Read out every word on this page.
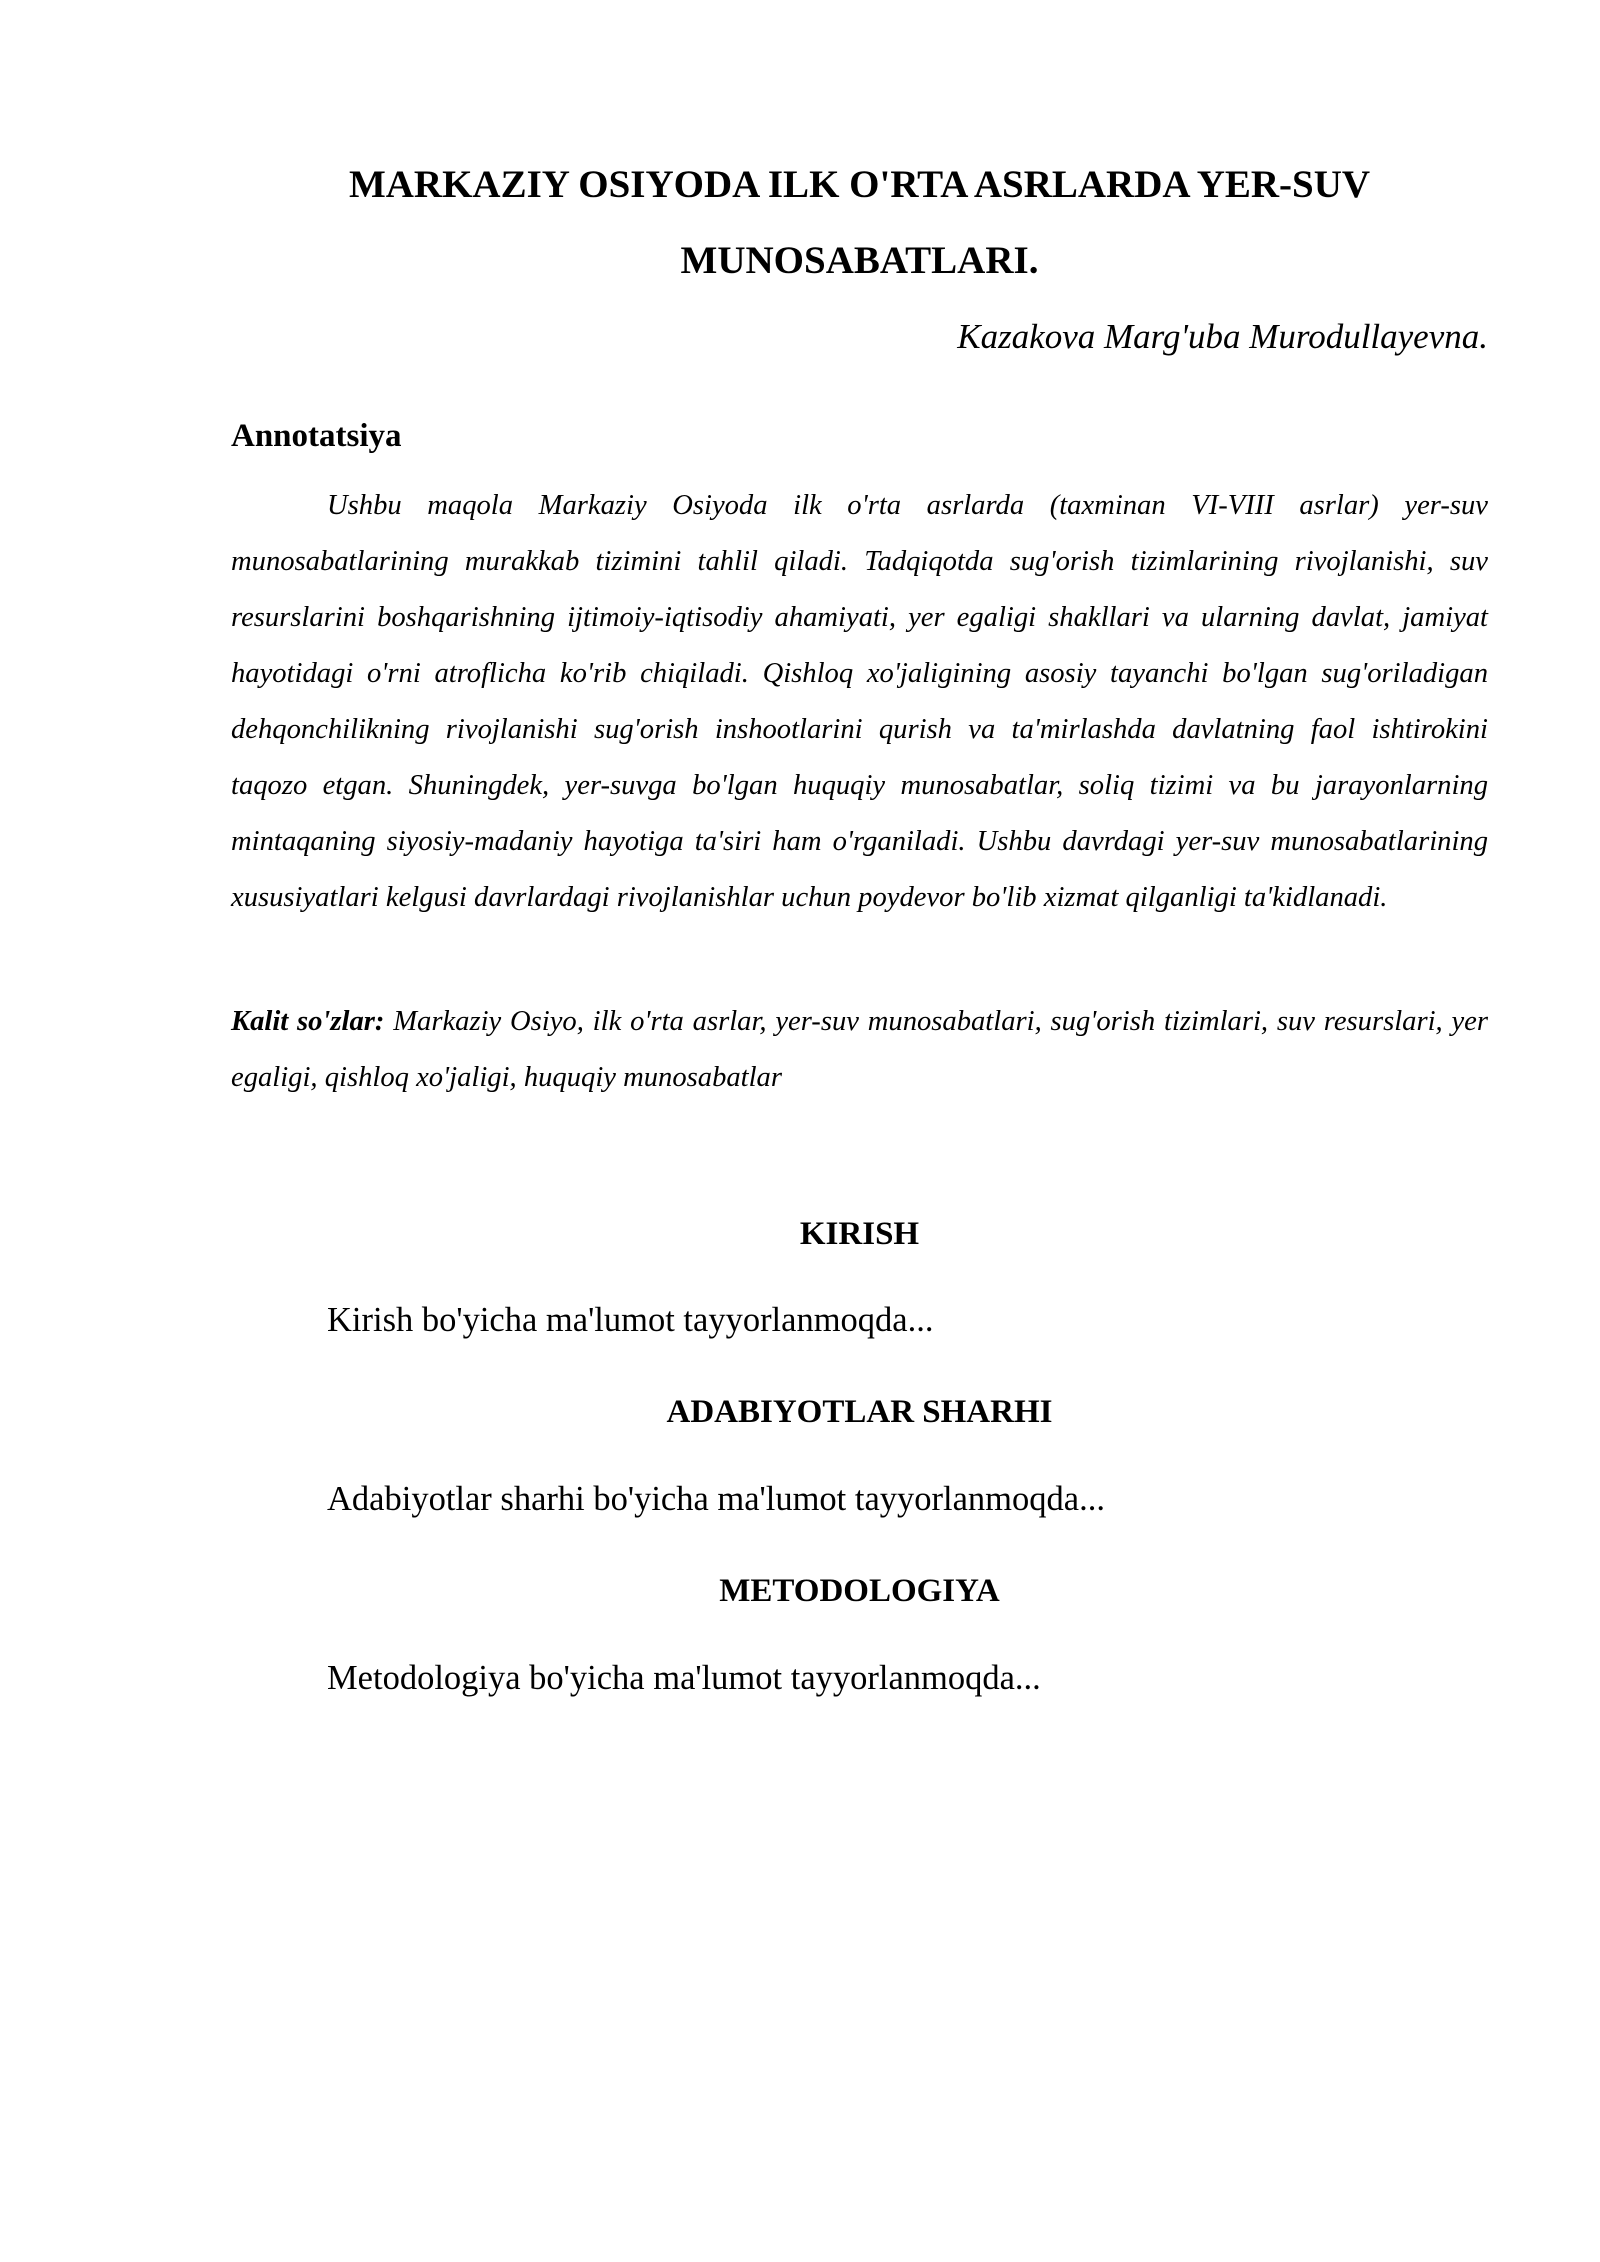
MARKAZIY OSIYODA ILK O'RTA ASRLARDA YER-SUV MUNOSABATLARI.
Kazakova Marg'uba Murodullayevna.
Annotatsiya

Ushbu maqola Markaziy Osiyoda ilk o'rta asrlarda (taxminan VI-VIII asrlar) yer-suv munosabatlarining murakkab tizimini tahlil qiladi. Tadqiqotda sug'orish tizimlarining rivojlanishi, suv resurslarini boshqarishning ijtimoiy-iqtisodiy ahamiyati, yer egaligi shakllari va ularning davlat, jamiyat hayotidagi o'rni atroflicha ko'rib chiqiladi. Qishloq xo'jaligining asosiy tayanchi bo'lgan sug'oriladigan dehqonchilikning rivojlanishi sug'orish inshootlarini qurish va ta'mirlashda davlatning faol ishtirokini taqozo etgan. Shuningdek, yer-suvga bo'lgan huquqiy munosabatlar, soliq tizimi va bu jarayonlarning mintaqaning siyosiy-madaniy hayotiga ta'siri ham o'rganiladi. Ushbu davrdagi yer-suv munosabatlarining xususiyatlari kelgusi davrlardagi rivojlanishlar uchun poydevor bo'lib xizmat qilganligi ta'kidlanadi.

Kalit so'zlar: Markaziy Osiyo, ilk o'rta asrlar, yer-suv munosabatlari, sug'orish tizimlari, suv resurslari, yer egaligi, qishloq xo'jaligi, huquqiy munosabatlar

KIRISH

Kirish bo'yicha ma'lumot tayyorlanmoqda...

ADABIYOTLAR SHARHI

Adabiyotlar sharhi bo'yicha ma'lumot tayyorlanmoqda...

METODOLOGIYA

Metodologiya bo'yicha ma'lumot tayyorlanmoqda...
